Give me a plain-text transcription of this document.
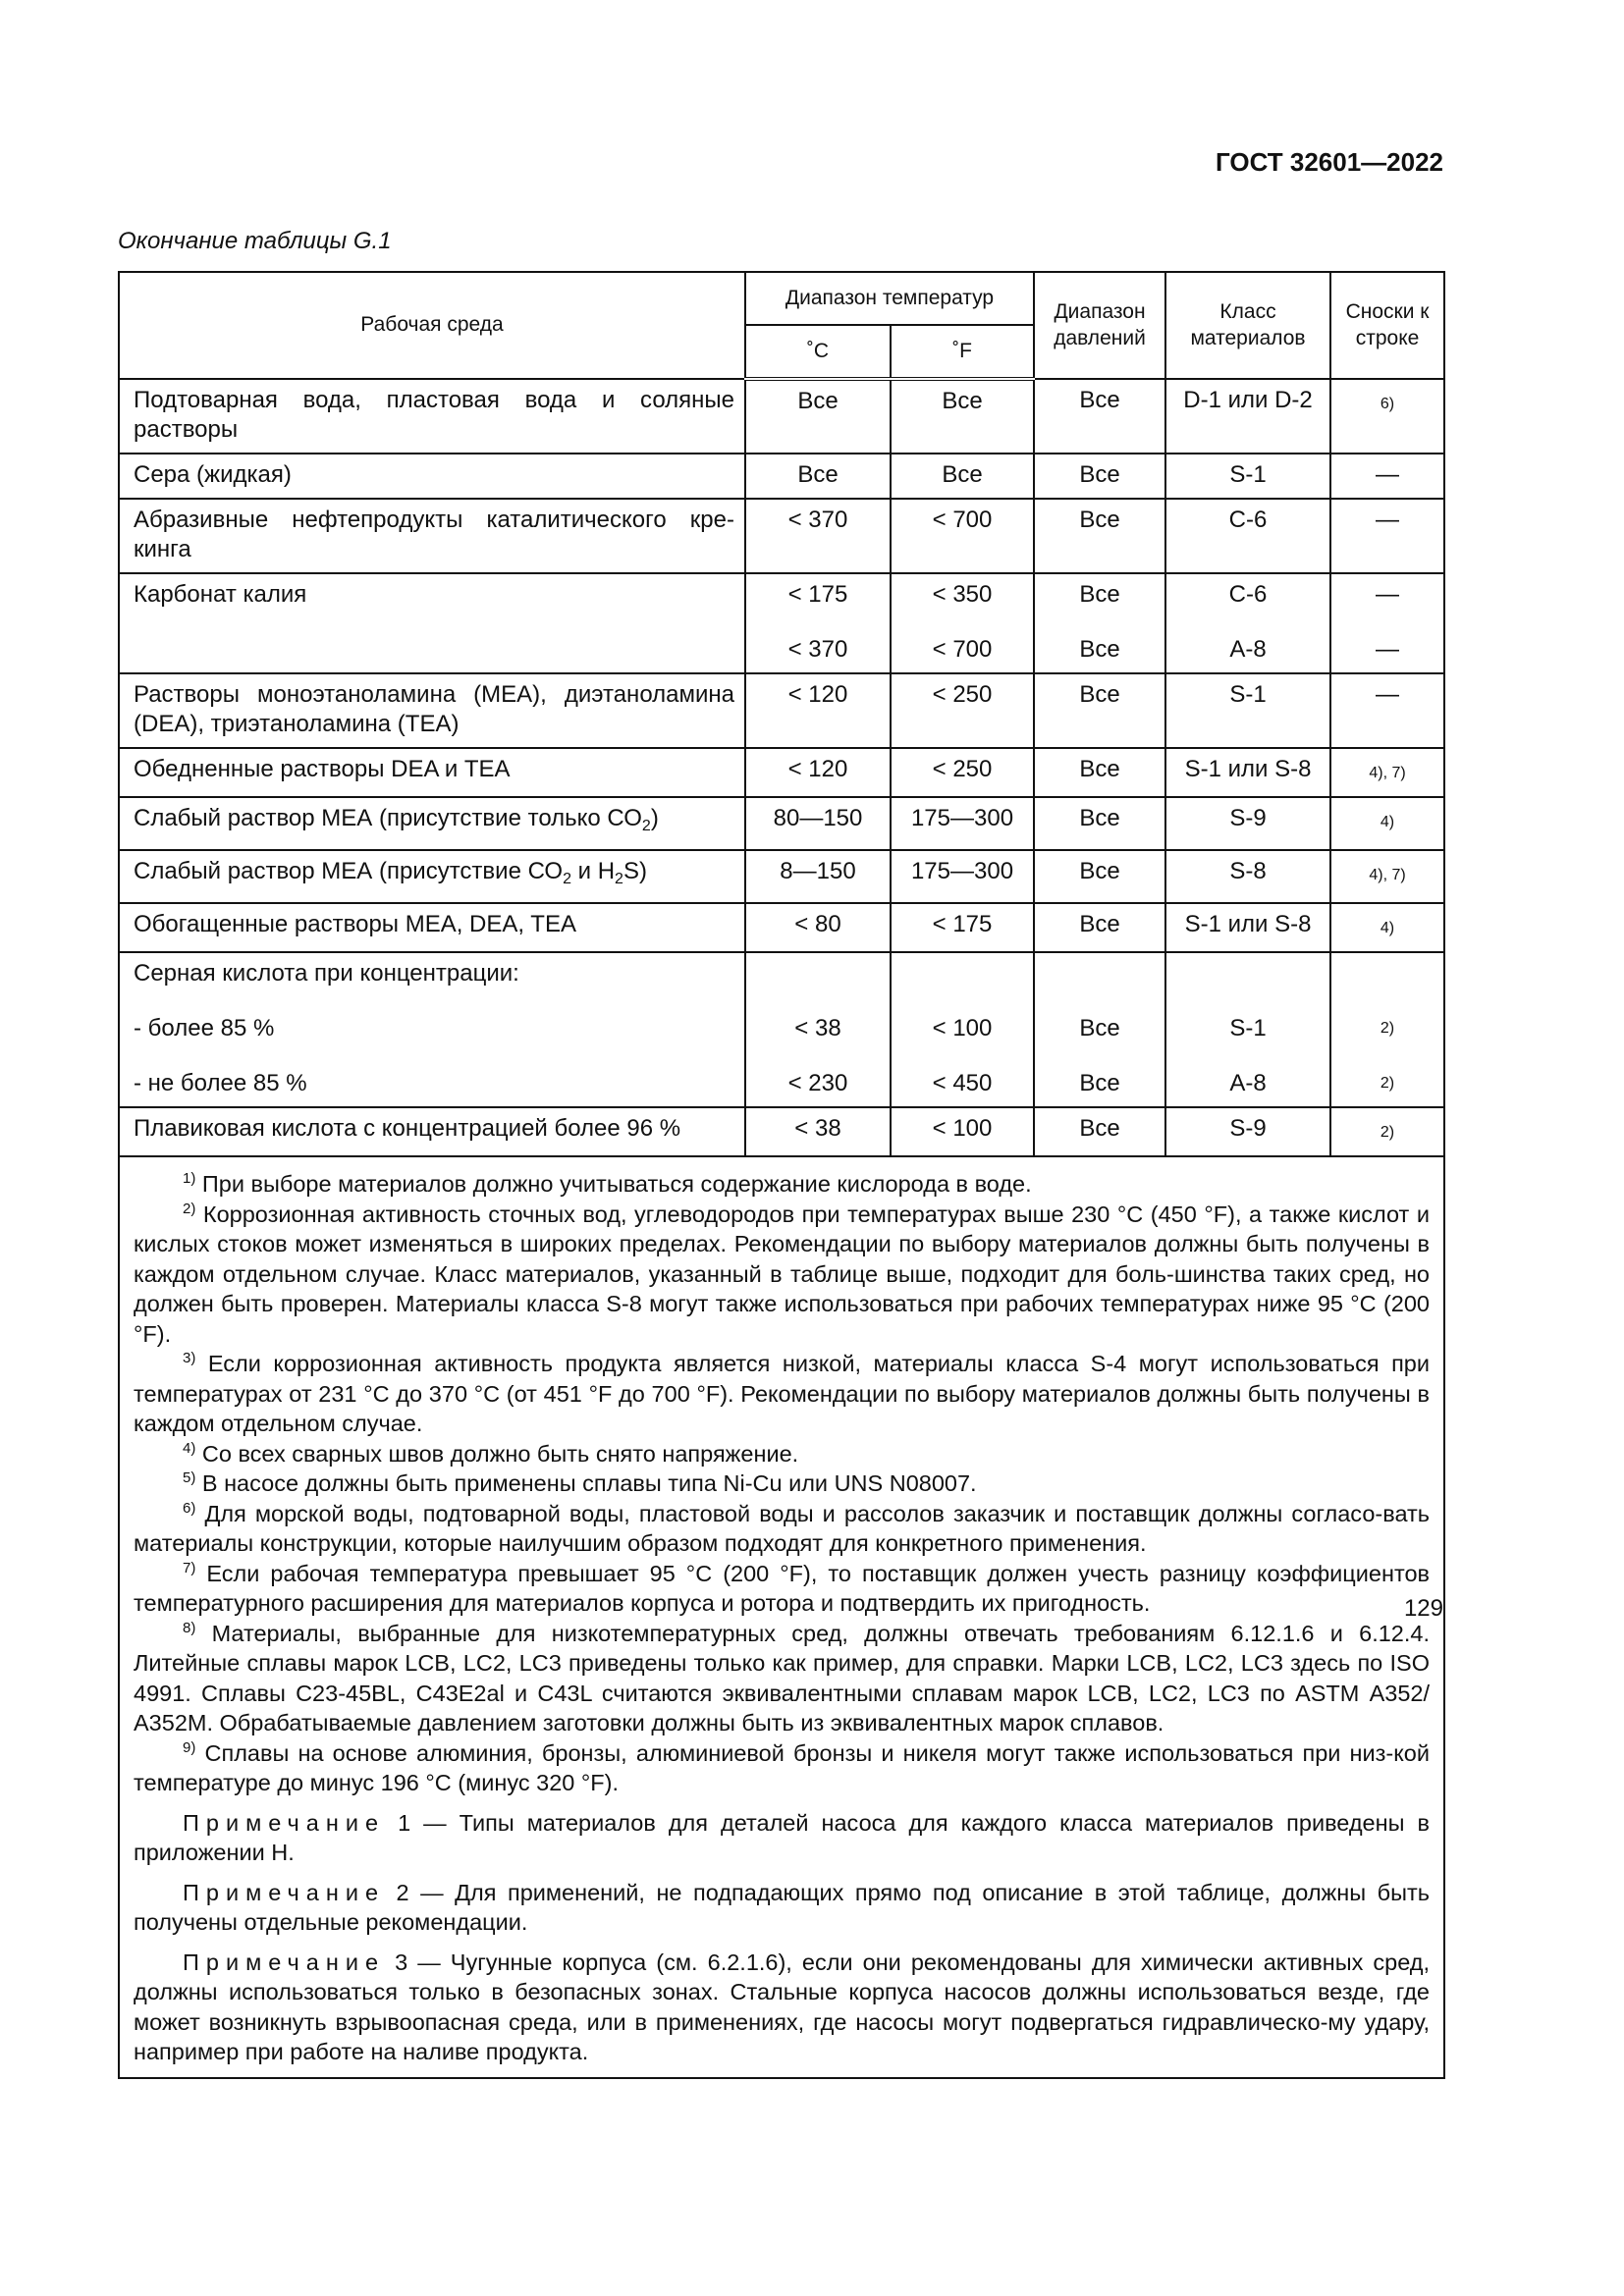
ГОСТ 32601—2022
Окончание таблицы G.1
Рабочая среда	Диапазон температур		Диапазон давлений	Класс материалов	Сноски к строке
	˚С	˚F			
Подтоварная вода, пластовая вода и соляные растворы	Все	Все	Все	D-1 или D-2	6)
Сера (жидкая)	Все	Все	Все	S-1	—
Абразивные нефтепродукты каталитического кре-кинга	< 370	< 700	Все	С-6	—
Карбонат калия	< 175	< 350	Все	С-6	—
	< 370	< 700	Все	А-8	—
Растворы моноэтаноламина (МЕА), диэтаноламина (DEA), триэтаноламина (TEA)	< 120	< 250	Все	S-1	—
Обедненные растворы DEA и TEA	< 120	< 250	Все	S-1 или S-8	4), 7)
Слабый раствор МЕА (присутствие только $СО_2$)	80—150	175—300	Все	S-9	4)
Слабый раствор МЕА (присутствие $СО_2$ и $H_2S$)	8—150	175—300	Все	S-8	4), 7)
Обогащенные растворы МЕА, DEA, TEA	< 80	< 175	Все	S-1 или S-8	4)
Серная кислота при концентрации:					
- более 85 %	< 38	< 100	Все	S-1	2)
- не более 85 %	< 230	< 450	Все	А-8	2)
Плавиковая кислота с концентрацией более 96 %	< 38	< 100	Все	S-9	2)

$^{1)}$ При выборе материалов должно учитываться содержание кислорода в воде.

$^{2)}$ Коррозионная активность сточных вод, углеводородов при температурах выше 230 °С (450 °F), а также кислот и кислых стоков может изменяться в широких пределах. Рекомендации по выбору материалов должны быть получены в каждом отдельном случае. Класс материалов, указанный в таблице выше, подходит для боль-шинства таких сред, но должен быть проверен. Материалы класса S-8 могут также использоваться при рабочих температурах ниже 95 °С (200 °F).

$^{3)}$ Если коррозионная активность продукта является низкой, материалы класса S-4 могут использоваться при температурах от 231 °С до 370 °С (от 451 °F до 700 °F). Рекомендации по выбору материалов должны быть получены в каждом отдельном случае.

$^{4)}$ Со всех сварных швов должно быть снято напряжение.

$^{5)}$ В насосе должны быть применены сплавы типа Ni-Cu или UNS N08007.

$^{6)}$ Для морской воды, подтоварной воды, пластовой воды и рассолов заказчик и поставщик должны согласо-вать материалы конструкции, которые наилучшим образом подходят для конкретного применения.

$^{7)}$ Если рабочая температура превышает 95 °С (200 °F), то поставщик должен учесть разницу коэффициентов температурного расширения для материалов корпуса и ротора и подтвердить их пригодность.

$^{8)}$ Материалы, выбранные для низкотемпературных сред, должны отвечать требованиям 6.12.1.6 и 6.12.4. Литейные сплавы марок LCB, LC2, LC3 приведены только как пример, для справки. Марки LCB, LC2, LC3 здесь по ISO 4991. Сплавы С23-45BL, C43E2al и C43L считаются эквивалентными сплавам марок LCB, LC2, LC3 по ASTM А352/А352М. Обрабатываемые давлением заготовки должны быть из эквивалентных марок сплавов.

$^{9)}$ Сплавы на основе алюминия, бронзы, алюминиевой бронзы и никеля могут также использоваться при низ-кой температуре до минус 196 °С (минус 320 °F).

Примечание 1 — Типы материалов для деталей насоса для каждого класса материалов приведены в приложении Н.

Примечание 2 — Для применений, не подпадающих прямо под описание в этой таблице, должны быть получены отдельные рекомендации.

Примечание 3 — Чугунные корпуса (см. 6.2.1.6), если они рекомендованы для химически активных сред, должны использоваться только в безопасных зонах. Стальные корпуса насосов должны использоваться везде, где может возникнуть взрывоопасная среда, или в применениях, где насосы могут подвергаться гидравлическо-му удару, например при работе на наливе продукта.

129
